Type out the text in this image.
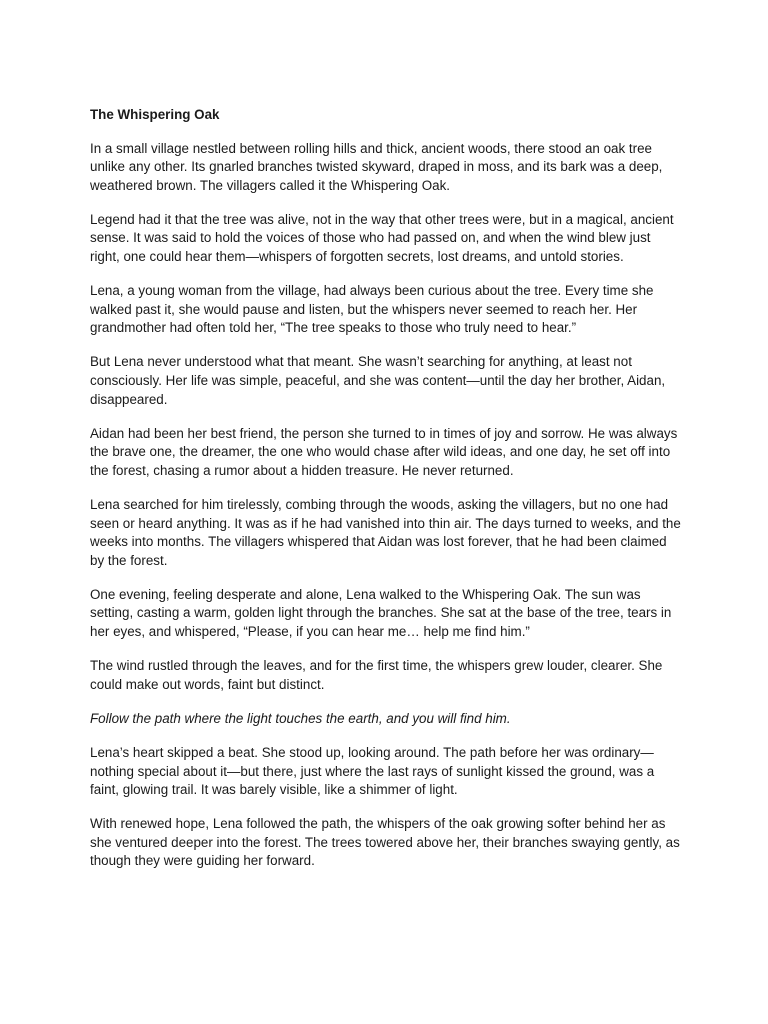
The Whispering Oak

In a small village nestled between rolling hills and thick, ancient woods, there stood an oak tree unlike any other. Its gnarled branches twisted skyward, draped in moss, and its bark was a deep, weathered brown. The villagers called it the Whispering Oak.

Legend had it that the tree was alive, not in the way that other trees were, but in a magical, ancient sense. It was said to hold the voices of those who had passed on, and when the wind blew just right, one could hear them—whispers of forgotten secrets, lost dreams, and untold stories.

Lena, a young woman from the village, had always been curious about the tree. Every time she walked past it, she would pause and listen, but the whispers never seemed to reach her. Her grandmother had often told her, “The tree speaks to those who truly need to hear.”

But Lena never understood what that meant. She wasn’t searching for anything, at least not consciously. Her life was simple, peaceful, and she was content—until the day her brother, Aidan, disappeared.

Aidan had been her best friend, the person she turned to in times of joy and sorrow. He was always the brave one, the dreamer, the one who would chase after wild ideas, and one day, he set off into the forest, chasing a rumor about a hidden treasure. He never returned.

Lena searched for him tirelessly, combing through the woods, asking the villagers, but no one had seen or heard anything. It was as if he had vanished into thin air. The days turned to weeks, and the weeks into months. The villagers whispered that Aidan was lost forever, that he had been claimed by the forest.

One evening, feeling desperate and alone, Lena walked to the Whispering Oak. The sun was setting, casting a warm, golden light through the branches. She sat at the base of the tree, tears in her eyes, and whispered, “Please, if you can hear me… help me find him.”

The wind rustled through the leaves, and for the first time, the whispers grew louder, clearer. She could make out words, faint but distinct.

Follow the path where the light touches the earth, and you will find him.

Lena’s heart skipped a beat. She stood up, looking around. The path before her was ordinary—nothing special about it—but there, just where the last rays of sunlight kissed the ground, was a faint, glowing trail. It was barely visible, like a shimmer of light.

With renewed hope, Lena followed the path, the whispers of the oak growing softer behind her as she ventured deeper into the forest. The trees towered above her, their branches swaying gently, as though they were guiding her forward.
